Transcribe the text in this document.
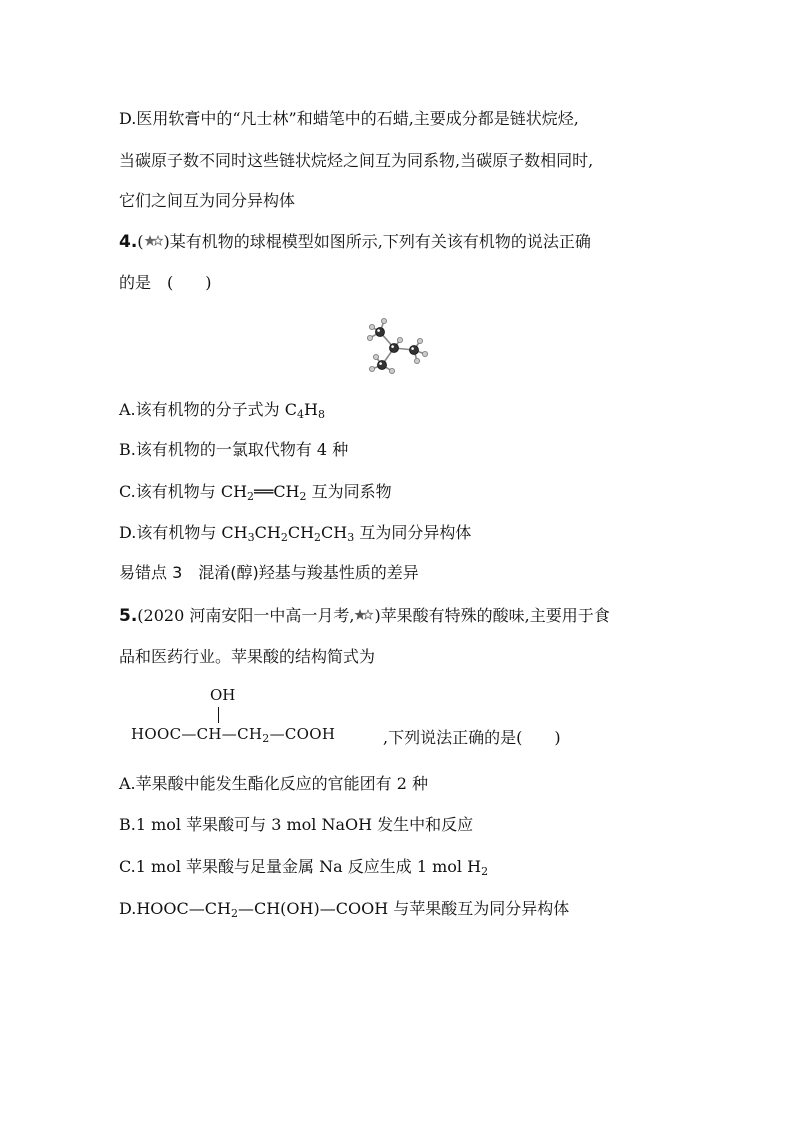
D.医用软膏中的“凡士林”和蜡笔中的石蜡,主要成分都是链状烷烃,
当碳原子数不同时这些链状烷烃之间互为同系物,当碳原子数相同时,
它们之间互为同分异构体
4.( )某有机物的球棍模型如图所示,下列有关该有机物的说法正确
的是　(　　)
A.该有机物的分子式为 $C_4H_8$
B.该有机物的一氯取代物有 4 种
C.该有机物与 $CH_2══CH_2$ 互为同系物
D.该有机物与 $CH_3CH_2CH_2CH_3$ 互为同分异构体
易错点 3　混淆(醇)羟基与羧基性质的差异
5.(2020 河南安阳一中高一月考, )苹果酸有特殊的酸味,主要用于食
品和医药行业。苹果酸的结构简式为
OH
$HOOC—CH—CH_2—COOH$	,下列说法正确的是(　　)
A.苹果酸中能发生酯化反应的官能团有 2 种
B.1 mol 苹果酸可与 3 mol NaOH 发生中和反应
C.1 mol 苹果酸与足量金属 Na 反应生成 1 mol $H_2$
$D.HOOC—CH_2—CH(OH)—COOH$ 与苹果酸互为同分异构体
